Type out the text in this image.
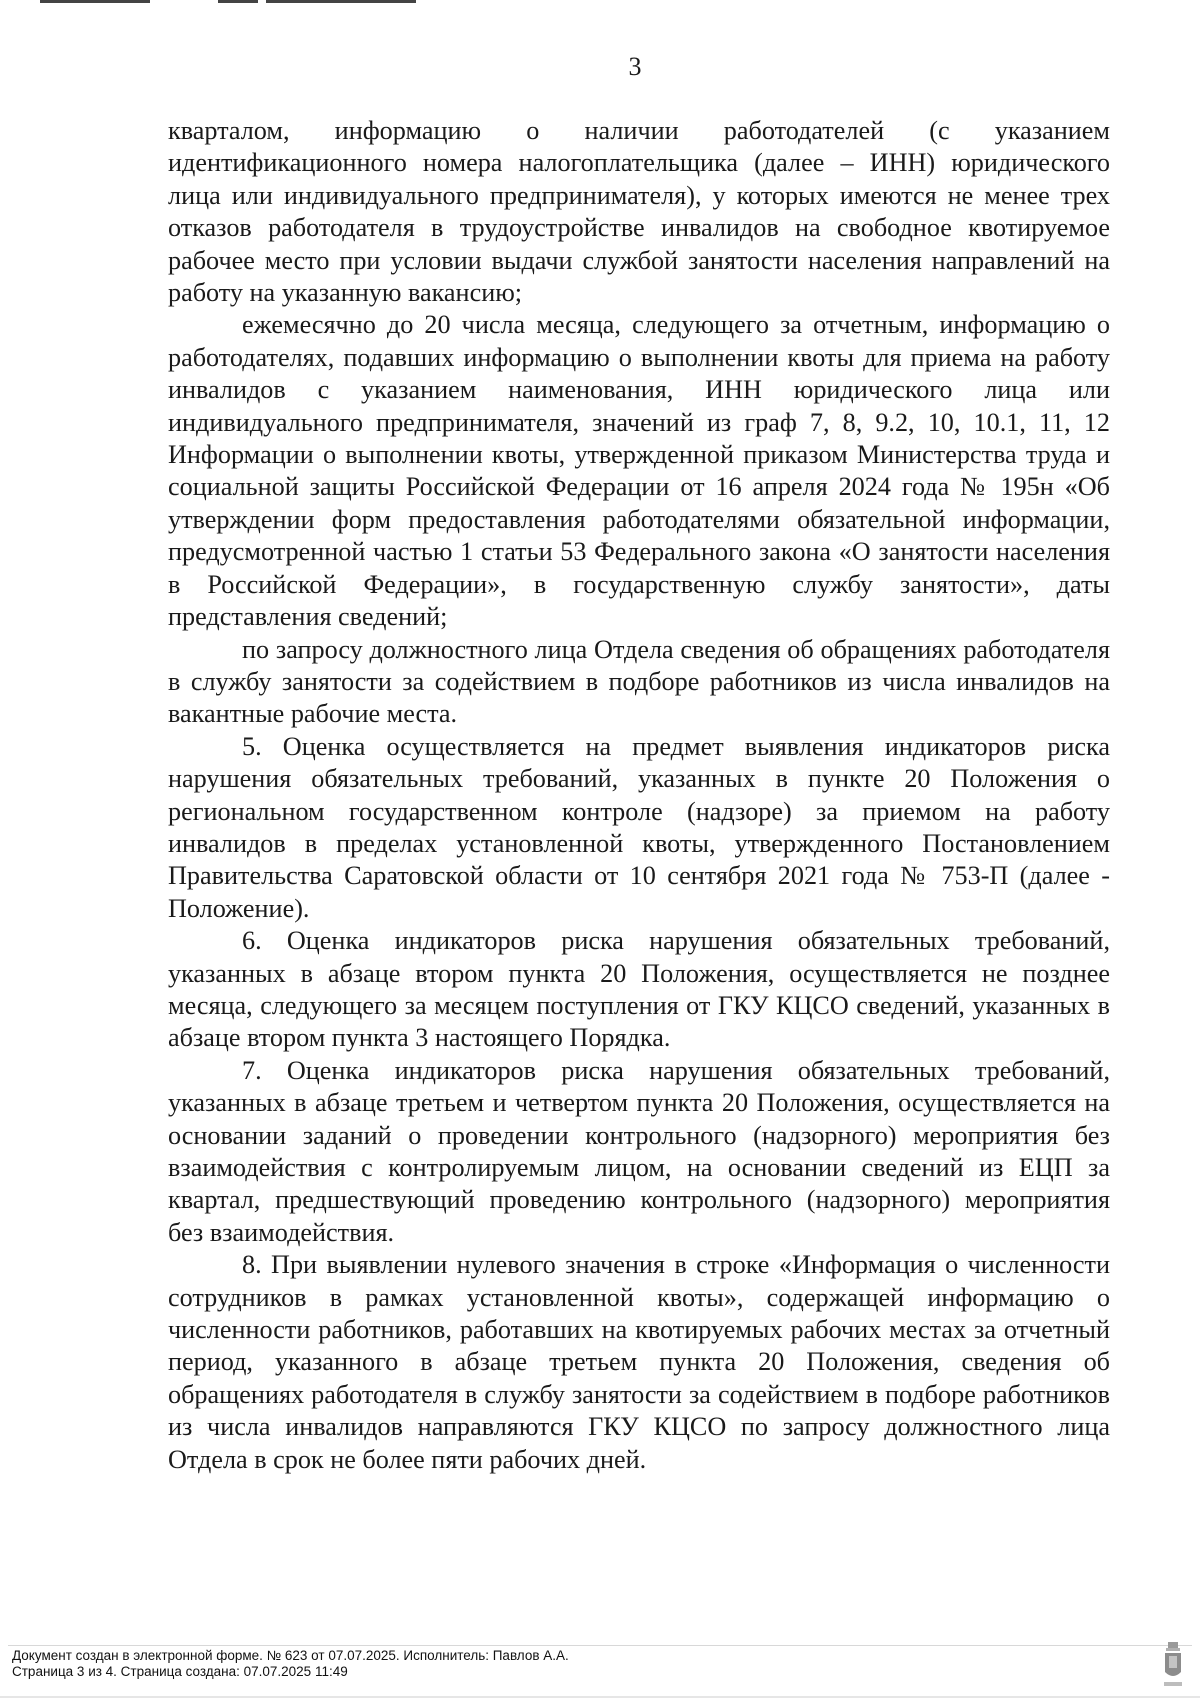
3

кварталом, информацию о наличии работодателей (с указанием идентификационного номера налогоплательщика (далее – ИНН) юридического лица или индивидуального предпринимателя), у которых имеются не менее трех отказов работодателя в трудоустройстве инвалидов на свободное квотируемое рабочее место при условии выдачи службой занятости населения направлений на работу на указанную вакансию;

ежемесячно до 20 числа месяца, следующего за отчетным, информацию о работодателях, подавших информацию о выполнении квоты для приема на работу инвалидов с указанием наименования, ИНН юридического лица или индивидуального предпринимателя, значений из граф 7, 8, 9.2, 10, 10.1, 11, 12 Информации о выполнении квоты, утвержденной приказом Министерства труда и социальной защиты Российской Федерации от 16 апреля 2024 года № 195н «Об утверждении форм предоставления работодателями обязательной информации, предусмотренной частью 1 статьи 53 Федерального закона «О занятости населения в Российской Федерации», в государственную службу занятости», даты представления сведений;

по запросу должностного лица Отдела сведения об обращениях работодателя в службу занятости за содействием в подборе работников из числа инвалидов на вакантные рабочие места.

5. Оценка осуществляется на предмет выявления индикаторов риска нарушения обязательных требований, указанных в пункте 20 Положения о региональном государственном контроле (надзоре) за приемом на работу инвалидов в пределах установленной квоты, утвержденного Постановлением Правительства Саратовской области от 10 сентября 2021 года № 753-П (далее - Положение).

6. Оценка индикаторов риска нарушения обязательных требований, указанных в абзаце втором пункта 20 Положения, осуществляется не позднее месяца, следующего за месяцем поступления от ГКУ КЦСО сведений, указанных в абзаце втором пункта 3 настоящего Порядка.

7. Оценка индикаторов риска нарушения обязательных требований, указанных в абзаце третьем и четвертом пункта 20 Положения, осуществляется на основании заданий о проведении контрольного (надзорного) мероприятия без взаимодействия с контролируемым лицом, на основании сведений из ЕЦП за квартал, предшествующий проведению контрольного (надзорного) мероприятия без взаимодействия.

8. При выявлении нулевого значения в строке «Информация о численности сотрудников в рамках установленной квоты», содержащей информацию о численности работников, работавших на квотируемых рабочих местах за отчетный период, указанного в абзаце третьем пункта 20 Положения, сведения об обращениях работодателя в службу занятости за содействием в подборе работников из числа инвалидов направляются ГКУ КЦСО по запросу должностного лица Отдела в срок не более пяти рабочих дней.

Документ создан в электронной форме. № 623 от 07.07.2025. Исполнитель: Павлов А.А.
Страница 3 из 4. Страница создана: 07.07.2025 11:49
